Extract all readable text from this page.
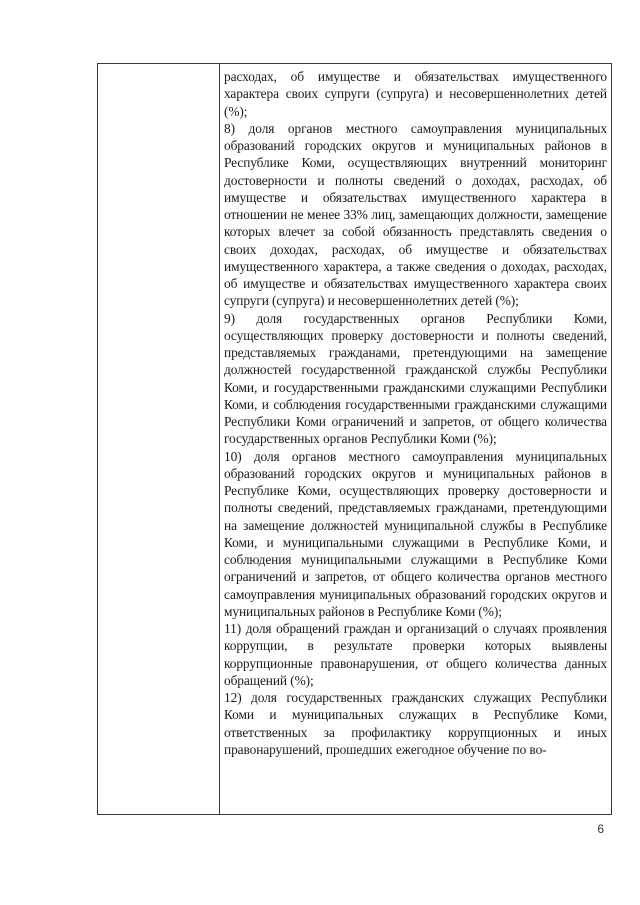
расходах, об имуществе и обязательствах имущественного характера своих супруги (супруга) и несовершеннолетних детей (%);

8) доля органов местного самоуправления муниципальных образований городских округов и муниципальных районов в Республике Коми, осуществляющих внутренний мониторинг достоверности и полноты сведений о доходах, расходах, об имуществе и обязательствах имущественного характера в отношении не менее 33% лиц, замещающих должности, замещение которых влечет за собой обязанность представлять сведения о своих доходах, расходах, об имуществе и обязательствах имущественного характера, а также сведения о доходах, расходах, об имуществе и обязательствах имущественного характера своих супруги (супруга) и несовершеннолетних детей (%);

9) доля государственных органов Республики Коми, осуществляющих проверку достоверности и полноты сведений, представляемых гражданами, претендующими на замещение должностей государственной гражданской службы Республики Коми, и государственными гражданскими служащими Республики Коми, и соблюдения государственными гражданскими служащими Республики Коми ограничений и запретов, от общего количества государственных органов Республики Коми (%);

10) доля органов местного самоуправления муниципальных образований городских округов и муниципальных районов в Республике Коми, осуществляющих проверку достоверности и полноты сведений, представляемых гражданами, претендующими на замещение должностей муниципальной службы в Республике Коми, и муниципальными служащими в Республике Коми, и соблюдения муниципальными служащими в Республике Коми ограничений и запретов, от общего количества органов местного самоуправления муниципальных образований городских округов и муниципальных районов в Республике Коми (%);

11) доля обращений граждан и организаций о случаях проявления коррупции, в результате проверки которых выявлены коррупционные правонарушения, от общего количества данных обращений (%);

12) доля государственных гражданских служащих Республики Коми и муниципальных служащих в Республике Коми, ответственных за профилактику коррупционных и иных правонарушений, прошедших ежегодное обучение по во-

6
